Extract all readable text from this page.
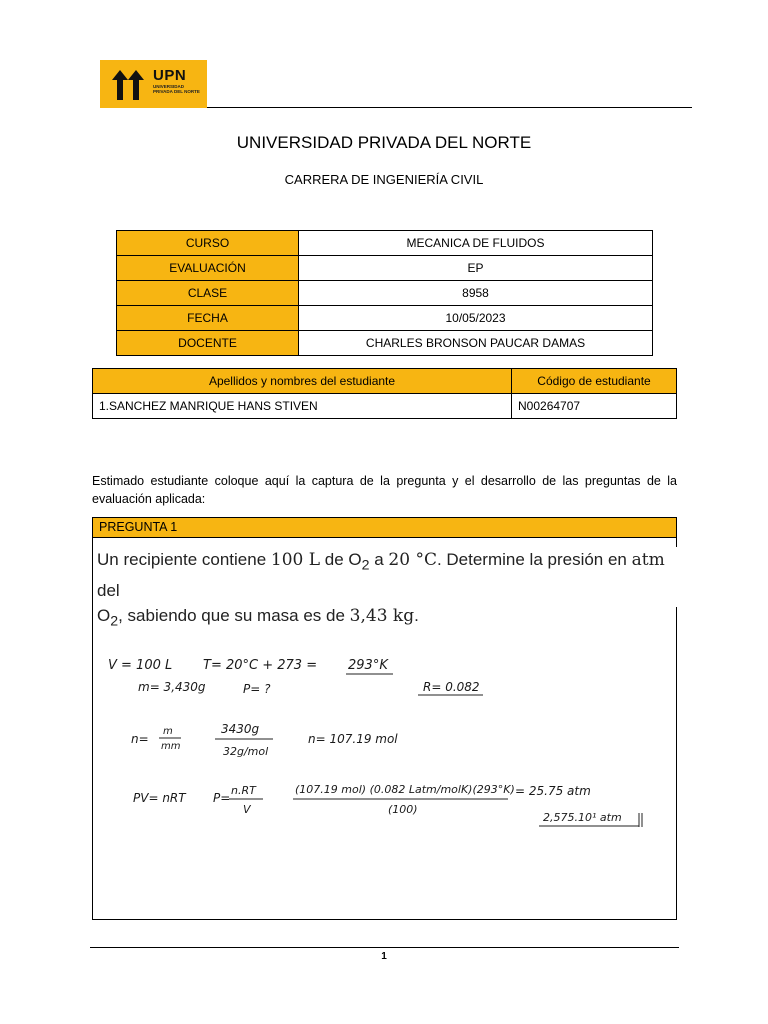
UPN
UNIVERSIDAD PRIVADA DEL NORTE
UNIVERSIDAD PRIVADA DEL NORTE
CARRERA DE INGENIERÍA CIVIL
CURSO	MECANICA DE FLUIDOS
EVALUACIÓN	EP
CLASE	8958
FECHA	10/05/2023
DOCENTE	CHARLES BRONSON PAUCAR DAMAS
Apellidos y nombres del estudiante	Código de estudiante
1.SANCHEZ MANRIQUE HANS STIVEN	N00264707
Estimado estudiante coloque aquí la captura de la pregunta y el desarrollo de las preguntas de la evaluación aplicada:
PREGUNTA 1
Un recipiente contiene 100 L de $O_2$ a 20 °C. Determine la presión en atm del
$O_2$, sabiendo que su masa es de 3,43 kg.
V = 100 L T= 20°C + 273 = 293°K
m= 3,430g	P= ?	R= 0.082
n=
m
mm
3430g
32g/mol
n= 107.19 mol
PV= nRT P=
n.RT
V
(107.19 mol) (0.082 Latm/molK)(293°K)
(100)
= 25.75 atm
2,575.10¹ atm
1
